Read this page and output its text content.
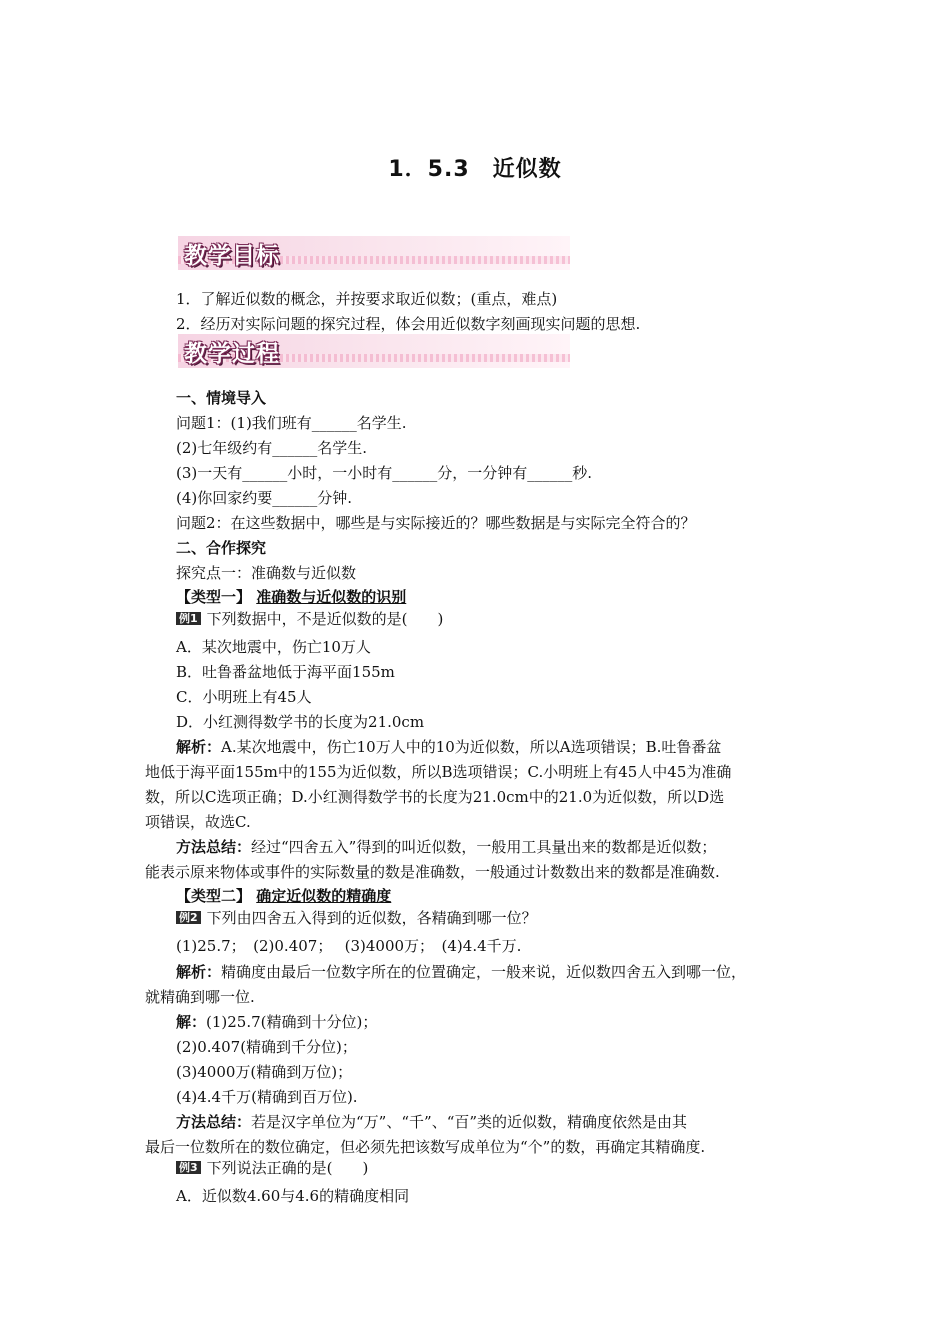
1．5.3　近似数
教学目标
1．了解近似数的概念，并按要求取近似数；(重点，难点)
2．经历对实际问题的探究过程，体会用近似数字刻画现实问题的思想.
教学过程
一、情境导入
问题1：(1)我们班有______名学生.
(2)七年级约有______名学生.
(3)一天有______小时，一小时有______分，一分钟有______秒.
(4)你回家约要______分钟.
问题2：在这些数据中，哪些是与实际接近的？哪些数据是与实际完全符合的？
二、合作探究
探究点一：准确数与近似数
【类型一】 准确数与近似数的识别
例1 下列数据中，不是近似数的是(　　)
A．某次地震中，伤亡10万人
B．吐鲁番盆地低于海平面155m
C．小明班上有45人
D．小红测得数学书的长度为21.0cm
解析：A.某次地震中，伤亡10万人中的10为近似数，所以A选项错误；B.吐鲁番盆
地低于海平面155m中的155为近似数，所以B选项错误；C.小明班上有45人中45为准确
数，所以C选项正确；D.小红测得数学书的长度为21.0cm中的21.0为近似数，所以D选
项错误，故选C.
方法总结：经过“四舍五入”得到的叫近似数，一般用工具量出来的数都是近似数；
能表示原来物体或事件的实际数量的数是准确数，一般通过计数数出来的数都是准确数.
【类型二】 确定近似数的精确度
例2 下列由四舍五入得到的近似数，各精确到哪一位？
(1)25.7；　(2)0.407；　 (3)4000万；　(4)4.4千万.
解析：精确度由最后一位数字所在的位置确定，一般来说，近似数四舍五入到哪一位，
就精确到哪一位.
解：(1)25.7(精确到十分位)；
(2)0.407(精确到千分位)；
(3)4000万(精确到万位)；
(4)4.4千万(精确到百万位).
方法总结：若是汉字单位为“万”、“千”、“百”类的近似数，精确度依然是由其
最后一位数所在的数位确定，但必须先把该数写成单位为“个”的数，再确定其精确度.
例3 下列说法正确的是(　　)
A．近似数4.60与4.6的精确度相同
